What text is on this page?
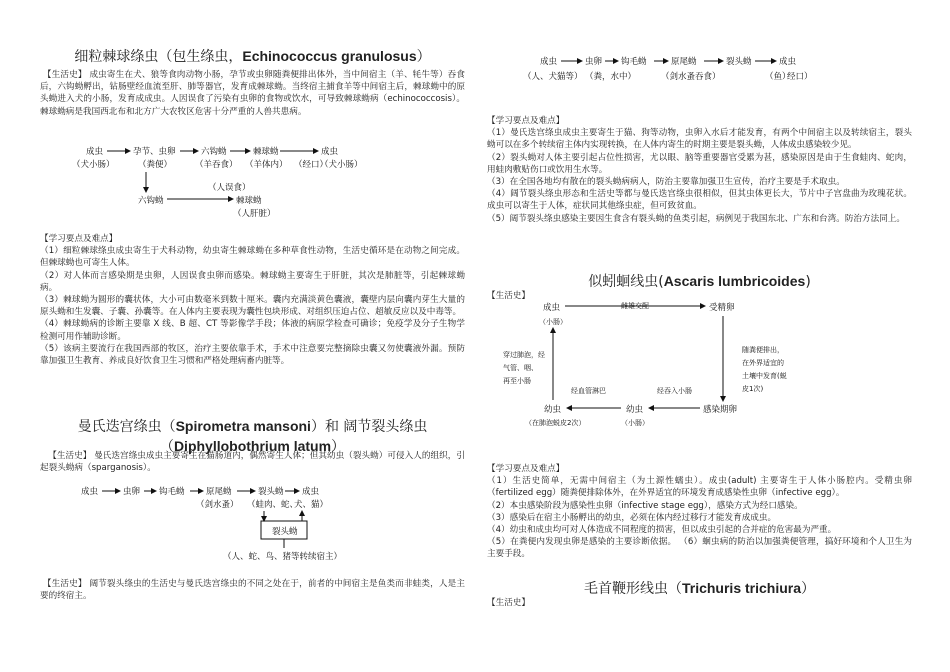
细粒棘球绦虫（包生绦虫，Echinococcus granulosus）

【生活史】 成虫寄生在犬、狼等食肉动物小肠，孕节或虫卵随粪便排出体外，当中间宿主（羊、牦牛等）吞食后，六钩蚴孵出，钻肠壁经血流至肝、肺等器官，发育成棘球蚴。当终宿主捕食羊等中间宿主后，棘球蚴中的原头蚴进入犬的小肠，发育成成虫。人因误食了污染有虫卵的食物或饮水，可导致棘球蚴病（echinococcosis）。 棘球蚴病是我国西北布和北方广大农牧区危害十分严重的人兽共患病。

成虫
（犬小肠）
孕节、虫卵
（粪便）
六钩蚴
（羊吞食）
棘球蚴
（羊体内） （经口）
成虫
（犬小肠）
六钩蚴
（人误食）
棘球蚴
（人肝脏）

【学习要点及难点】

（1）细粒棘球绦虫成虫寄生于犬科动物，幼虫寄生棘球蚴在多种草食性动物，生活史循环是在动物之间完成。但棘球蚴也可寄生人体。

（2）对人体而言感染期是虫卵，人因误食虫卵而感染。棘球蚴主要寄生于肝脏，其次是肺脏等，引起棘球蚴病。

（3）棘球蚴为圆形的囊状体，大小可由数毫米到数十厘米。囊内充满淡黄色囊液，囊壁内层向囊内芽生大量的原头蚴和生发囊、子囊、孙囊等。在人体内主要表现为囊性包块形成、对组织压迫占位、超敏反应以及中毒等。

（4）棘球蚴病的诊断主要靠 X 线、B 超、CT 等影像学手段；体液的病原学检查可确诊；免疫学及分子生物学检测可用作辅助诊断。

（5）该病主要流行在我国西部的牧区，治疗主要依靠手术，手术中注意要完整摘除虫囊又勿使囊液外漏。预防靠加强卫生教育、养成良好饮食卫生习惯和严格处理病畜内脏等。

曼氏迭宫绦虫（Spirometra mansoni）和 阔节裂头绦虫

（Diphyllobothrium latum）

【生活史】 曼氏迭宫绦虫成虫主要寄生在猫肠道内，偶然寄生人体；但其幼虫（裂头蚴）可侵入人的组织，引起裂头蚴病（sparganosis）。

成虫	虫卵 钩毛蚴	原尾蚴	裂头蚴 成虫
（剑水蚤） （蛙肉、蛇、
犬、猫）
裂头蚴
（人、蛇、鸟、猪等转续宿主）

【生活史】 阔节裂头绦虫的生活史与曼氏迭宫绦虫的不同之处在于，前者的中间宿主是鱼类而非蛙类，人是主要的终宿主。

成虫	虫卵 钩毛蚴	原尾蚴	裂头蚴	成虫
（人、犬猫等） （粪，水中）	（剑水蚤吞食）	（鱼）
经口）

【学习要点及难点】

（1）曼氏迭宫绦虫成虫主要寄生于猫、狗等动物，虫卵入水后才能发育，有两个中间宿主以及转续宿主，裂头蚴可以在多个转续宿主体内实现转换，在人体内寄生的时期主要是裂头蚴，人体成虫感染较少见。

（2）裂头蚴对人体主要引起占位性损害，尤以眼、脑等重要器官受累为甚，感染原因是由于生食蛙肉、蛇肉，用蛙肉敷贴伤口或饮用生水等。

（3）在全国各地均有散在的裂头蚴病病人，防治主要靠加强卫生宣传，治疗主要是手术取虫。

（4）阔节裂头绦虫形态和生活史等都与曼氏迭宫绦虫很相似，但其虫体更长大，节片中子宫盘曲为玫瑰花状。成虫可以寄生于人体，症状同其他绦虫症，但可致贫血。

（5）阔节裂头绦虫感染主要因生食含有裂头蚴的鱼类引起，病例见于我国东北、广东和台湾。防治方法同上。

似蚓蛔线虫(Ascaris lumbricoides)

【生活史】

成虫
（小肠）
雌雄交配	受精卵
随粪便排出，
在外界适宜的
土壤中发育(蜕
皮1次)
感染期卵
经吞入小肠
幼虫
（小肠）
幼虫
（在肺泡蜕皮2次）
经血管淋巴
穿过肺泡，经
气管、咽、
再至小肠

【学习要点及难点】

（1）生活史简单，无需中间宿主（为土源性蠕虫）。成虫(adult) 主要寄生于人体小肠腔内。受精虫卵（fertilized egg）随粪便排除体外，在外界适宜的环境发育成感染性虫卵（infective egg）。

（2）本虫感染阶段为感染性虫卵（infective stage egg），感染方式为经口感染。

（3）感染后在宿主小肠孵出的幼虫，必须在体内经过移行才能发育成成虫。

（4）幼虫和成虫均可对人体造成不同程度的损害，但以成虫引起的合并症的危害最为严重。

（5）在粪便内发现虫卵是感染的主要诊断依据。 （6）蛔虫病的防治以加强粪便管理，搞好环境和个人卫生为主要手段。

毛首鞭形线虫（Trichuris trichiura）

【生活史】
